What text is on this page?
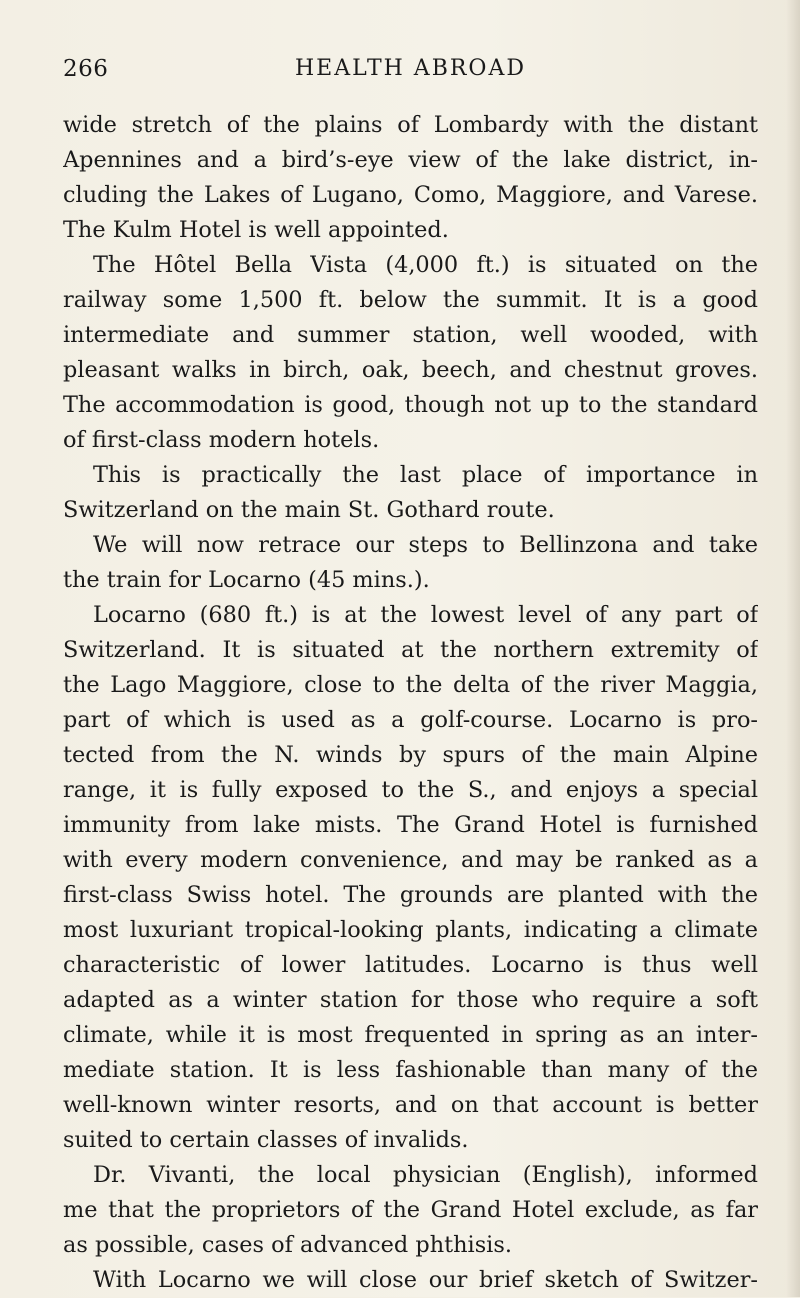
266	HEALTH ABROAD
wide stretch of the plains of Lombardy with the distant
Apennines and a bird’s-eye view of the lake district, in-
cluding the Lakes of Lugano, Como, Maggiore, and Varese.
The Kulm Hotel is well appointed.
The Hôtel Bella Vista (4,000 ft.) is situated on the
railway some 1,500 ft. below the summit. It is a good
intermediate and summer station, well wooded, with
pleasant walks in birch, oak, beech, and chestnut groves.
The accommodation is good, though not up to the standard
of first-class modern hotels.
This is practically the last place of importance in
Switzerland on the main St. Gothard route.
We will now retrace our steps to Bellinzona and take
the train for Locarno (45 mins.).
Locarno (680 ft.) is at the lowest level of any part of
Switzerland. It is situated at the northern extremity of
the Lago Maggiore, close to the delta of the river Maggia,
part of which is used as a golf-course. Locarno is pro-
tected from the N. winds by spurs of the main Alpine
range, it is fully exposed to the S., and enjoys a special
immunity from lake mists. The Grand Hotel is furnished
with every modern convenience, and may be ranked as a
first-class Swiss hotel. The grounds are planted with the
most luxuriant tropical-looking plants, indicating a climate
characteristic of lower latitudes. Locarno is thus well
adapted as a winter station for those who require a soft
climate, while it is most frequented in spring as an inter-
mediate station. It is less fashionable than many of the
well-known winter resorts, and on that account is better
suited to certain classes of invalids.
Dr. Vivanti, the local physician (English), informed
me that the proprietors of the Grand Hotel exclude, as far
as possible, cases of advanced phthisis.
With Locarno we will close our brief sketch of Switzer-
